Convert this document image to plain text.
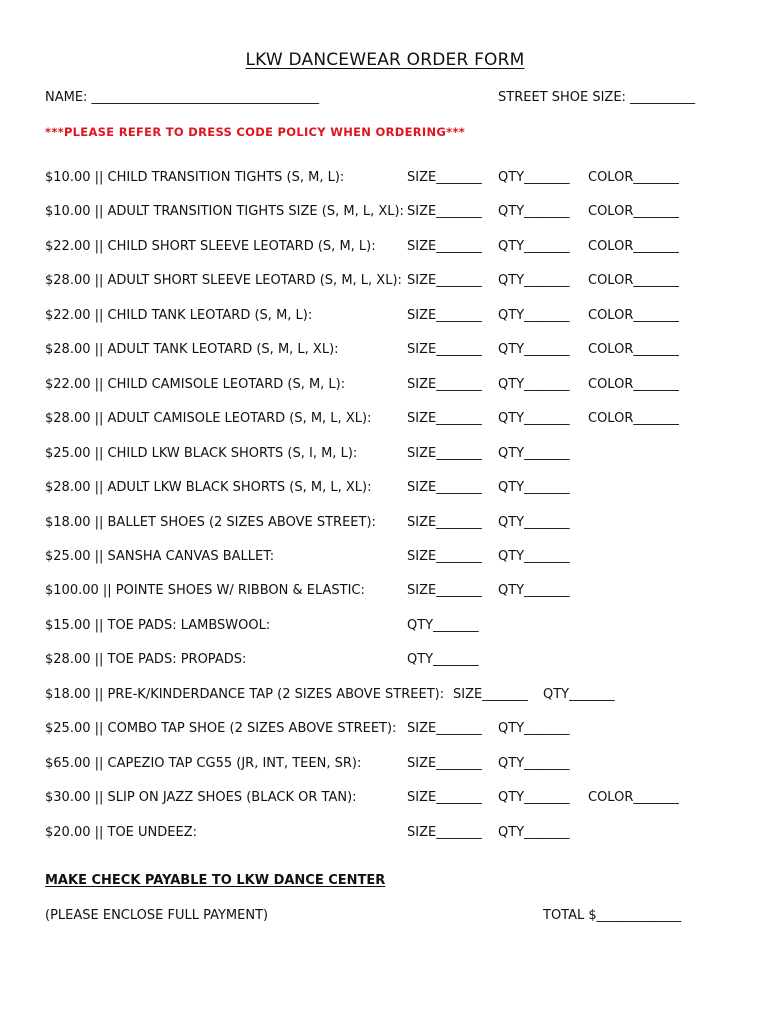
LKW DANCEWEAR ORDER FORM
NAME: ___________________________________	STREET SHOE SIZE: __________
***PLEASE REFER TO DRESS CODE POLICY WHEN ORDERING***
$10.00 || CHILD TRANSITION TIGHTS (S, M, L):	SIZE_______ QTY_______ COLOR_______
$10.00 || ADULT TRANSITION TIGHTS SIZE (S, M, L, XL): SIZE_______ QTY_______ COLOR_______
$22.00 || CHILD SHORT SLEEVE LEOTARD (S, M, L): SIZE_______ QTY_______ COLOR_______
$28.00 || ADULT SHORT SLEEVE LEOTARD (S, M, L, XL): SIZE_______ QTY_______ COLOR_______
$22.00 || CHILD TANK LEOTARD (S, M, L):	SIZE_______ QTY_______ COLOR_______
$28.00 || ADULT TANK LEOTARD (S, M, L, XL):	SIZE_______ QTY_______ COLOR_______
$22.00 || CHILD CAMISOLE LEOTARD (S, M, L):	SIZE_______ QTY_______ COLOR_______
$28.00 || ADULT CAMISOLE LEOTARD (S, M, L, XL):	SIZE_______ QTY_______ COLOR_______
$25.00 || CHILD LKW BLACK SHORTS (S, I, M, L):	SIZE_______ QTY_______
$28.00 || ADULT LKW BLACK SHORTS (S, M, L, XL):	SIZE_______ QTY_______
$18.00 || BALLET SHOES (2 SIZES ABOVE STREET): SIZE_______ QTY_______
$25.00 || SANSHA CANVAS BALLET:	SIZE_______ QTY_______
$100.00 || POINTE SHOES W/ RIBBON & ELASTIC:	SIZE_______ QTY_______
$15.00 || TOE PADS: LAMBSWOOL:	QTY_______
$28.00 || TOE PADS: PROPADS:	QTY_______
$18.00 || PRE-K/KINDERDANCE TAP (2 SIZES ABOVE STREET): SIZE_______ QTY_______
$25.00 || COMBO TAP SHOE (2 SIZES ABOVE STREET): SIZE_______ QTY_______
$65.00 || CAPEZIO TAP CG55 (JR, INT, TEEN, SR):	SIZE_______ QTY_______
$30.00 || SLIP ON JAZZ SHOES (BLACK OR TAN):	SIZE_______ QTY_______ COLOR_______
$20.00 || TOE UNDEEZ:	SIZE_______ QTY_______
MAKE CHECK PAYABLE TO LKW DANCE CENTER
(PLEASE ENCLOSE FULL PAYMENT)	TOTAL $_____________
